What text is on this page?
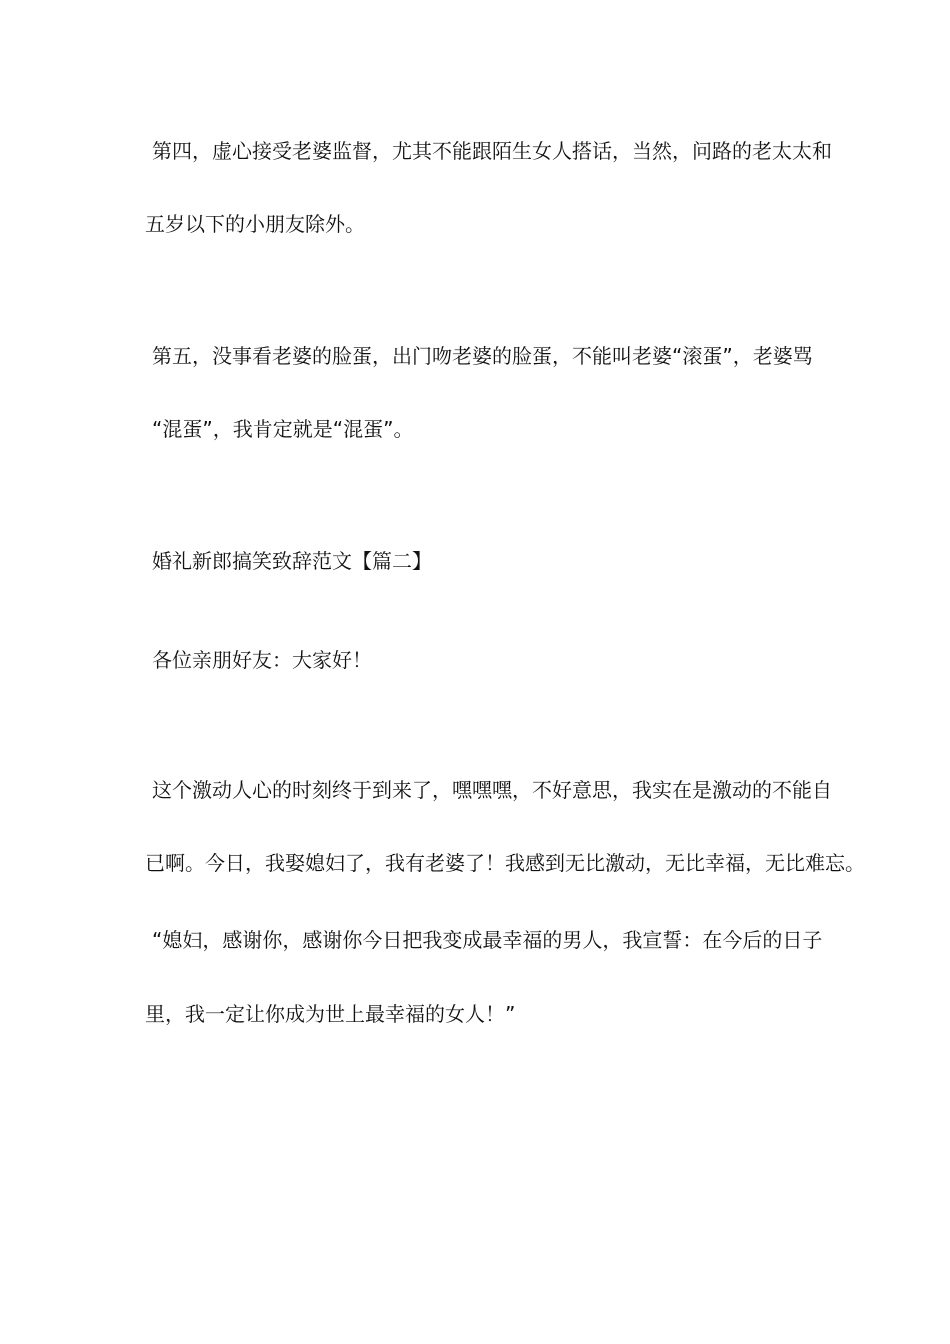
第四，虚心接受老婆监督，尤其不能跟陌生女人搭话，当然，问路的老太太和
五岁以下的小朋友除外。
第五，没事看老婆的脸蛋，出门吻老婆的脸蛋，不能叫老婆“滚蛋”，老婆骂
“混蛋”，我肯定就是“混蛋”。
婚礼新郎搞笑致辞范文【篇二】
各位亲朋好友：大家好！
这个激动人心的时刻终于到来了，嘿嘿嘿，不好意思，我实在是激动的不能自
已啊。今日，我娶媳妇了，我有老婆了！我感到无比激动，无比幸福，无比难忘。
“媳妇，感谢你，感谢你今日把我变成最幸福的男人，我宣誓：在今后的日子
里，我一定让你成为世上最幸福的女人！”
